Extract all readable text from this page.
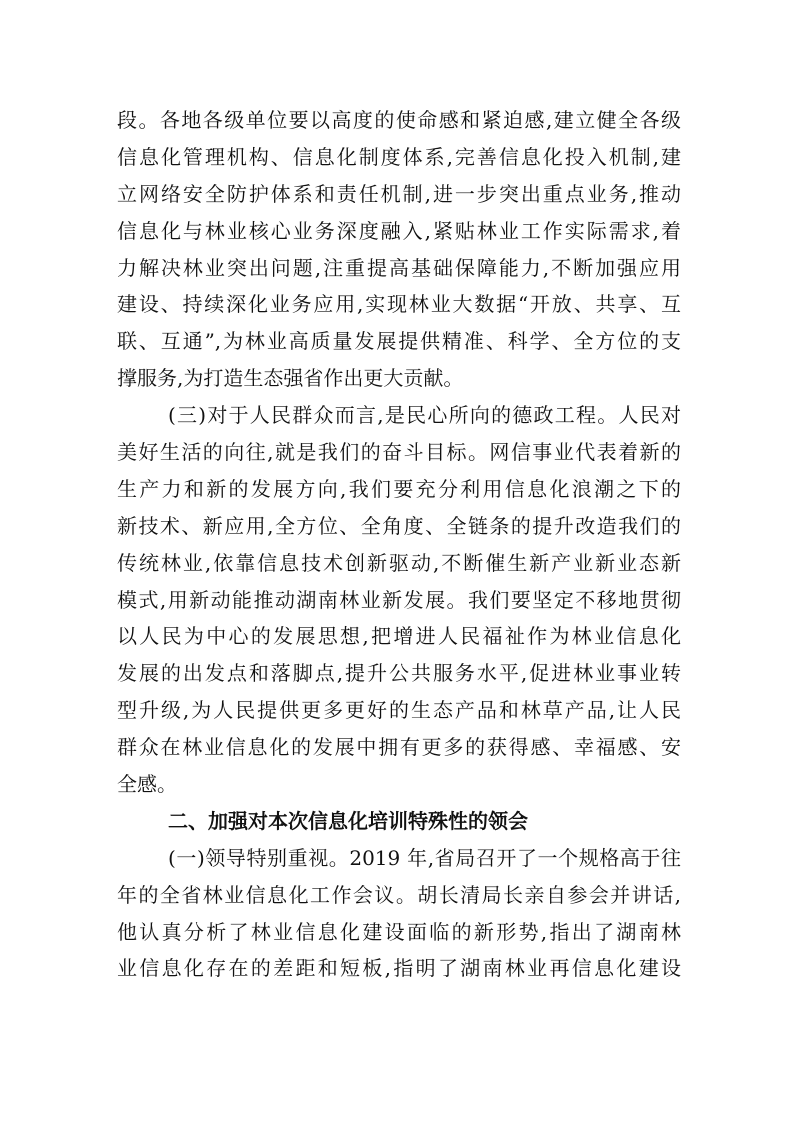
段。各地各级单位要以高度的使命感和紧迫感,建立健全各级
信息化管理机构、信息化制度体系,完善信息化投入机制,建
立网络安全防护体系和责任机制,进一步突出重点业务,推动
信息化与林业核心业务深度融入,紧贴林业工作实际需求,着
力解决林业突出问题,注重提高基础保障能力,不断加强应用
建设、持续深化业务应用,实现林业大数据“开放、共享、互
联、互通”,为林业高质量发展提供精准、科学、全方位的支
撑服务,为打造生态强省作出更大贡献。
(三)对于人民群众而言,是民心所向的德政工程。人民对
美好生活的向往,就是我们的奋斗目标。网信事业代表着新的
生产力和新的发展方向,我们要充分利用信息化浪潮之下的
新技术、新应用,全方位、全角度、全链条的提升改造我们的
传统林业,依靠信息技术创新驱动,不断催生新产业新业态新
模式,用新动能推动湖南林业新发展。我们要坚定不移地贯彻
以人民为中心的发展思想,把增进人民福祉作为林业信息化
发展的出发点和落脚点,提升公共服务水平,促进林业事业转
型升级,为人民提供更多更好的生态产品和林草产品,让人民
群众在林业信息化的发展中拥有更多的获得感、幸福感、安
全感。
二、加强对本次信息化培训特殊性的领会
(一)领导特别重视。2019 年,省局召开了一个规格高于往
年的全省林业信息化工作会议。胡长清局长亲自参会并讲话,
他认真分析了林业信息化建设面临的新形势,指出了湖南林
业信息化存在的差距和短板,指明了湖南林业再信息化建设
